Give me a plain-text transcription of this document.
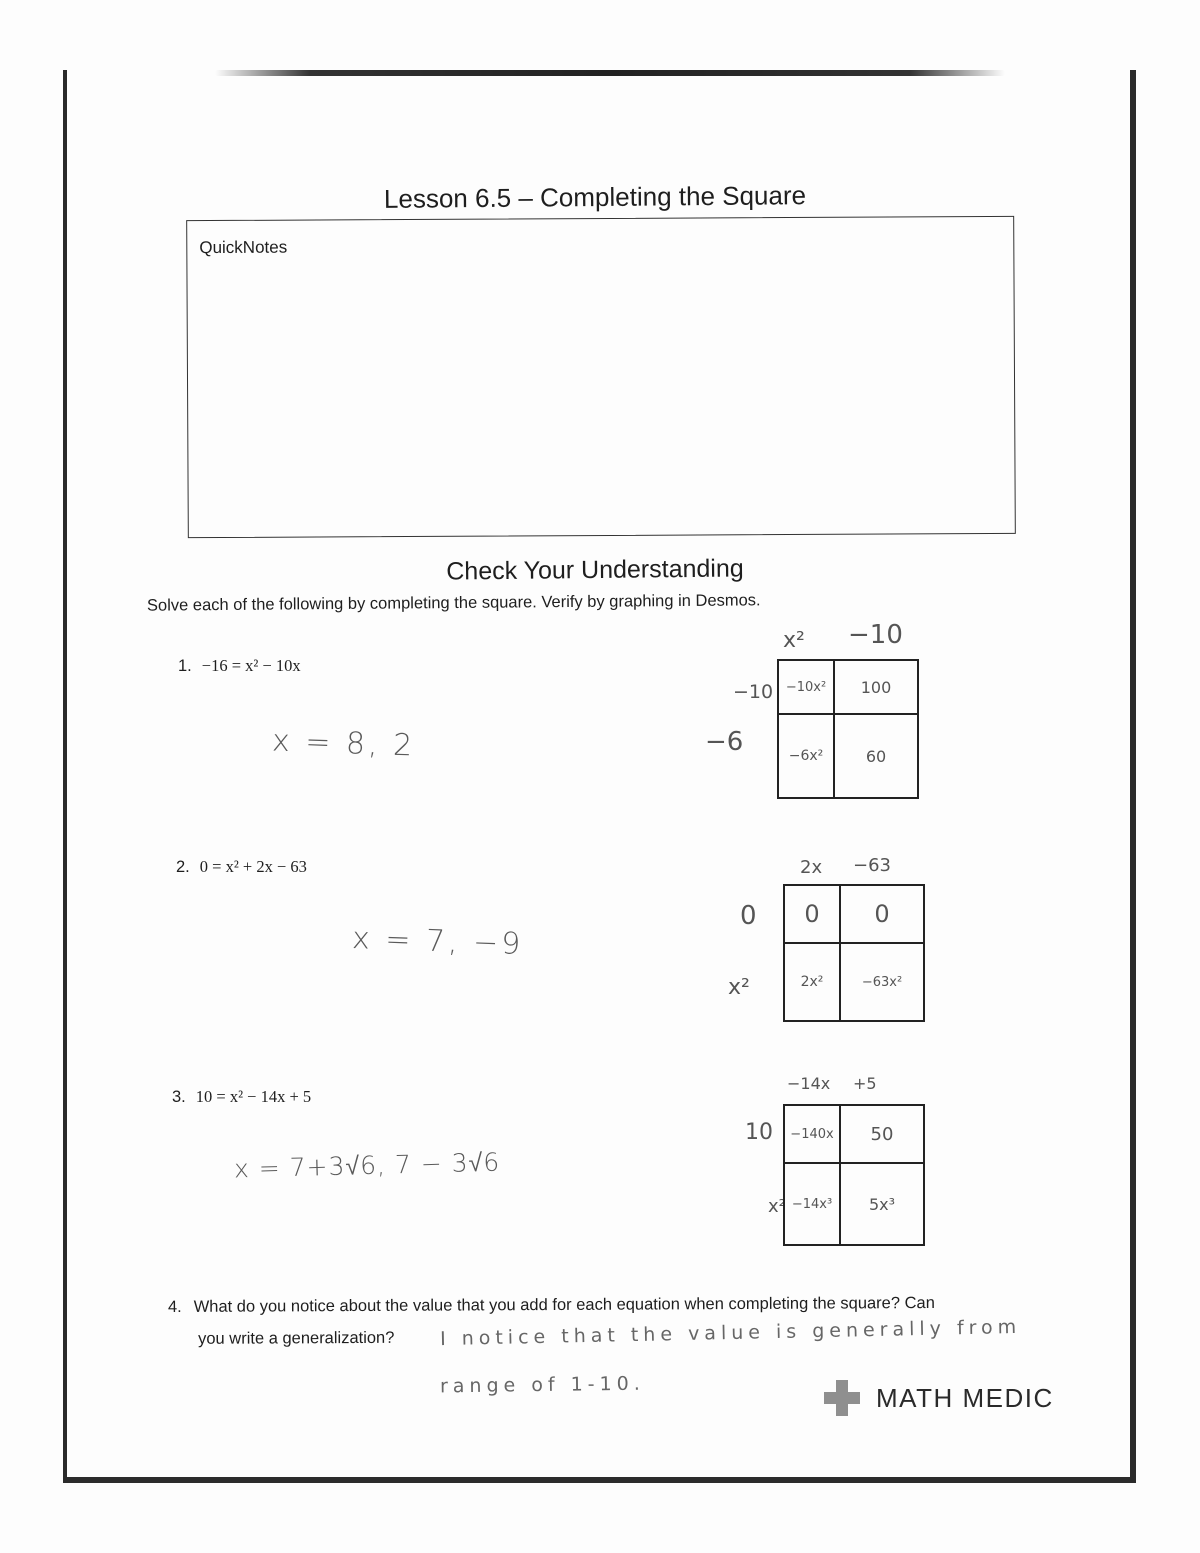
Lesson 6.5 – Completing the Square
QuickNotes
Check Your Understanding
Solve each of the following by completing the square. Verify by graphing in Desmos.
1. −16 = x² − 10x
x = 8, 2
x² −10
−10
−6
−10x²	100
−6x²	60
2. 0 = x² + 2x − 63
x = 7, −9
2x −63
0
x²
0	0
2x²	−63x²
3. 10 = x² − 14x + 5
x = 7+3√6, 7 − 3√6
−14x +5
10
x²
−140x	50
−14x³	5x³
4. What do you notice about the value that you add for each equation when completing the square? Can
you write a generalization?	I notice that the value is generally from
range of 1-10.	MATH MEDIC
